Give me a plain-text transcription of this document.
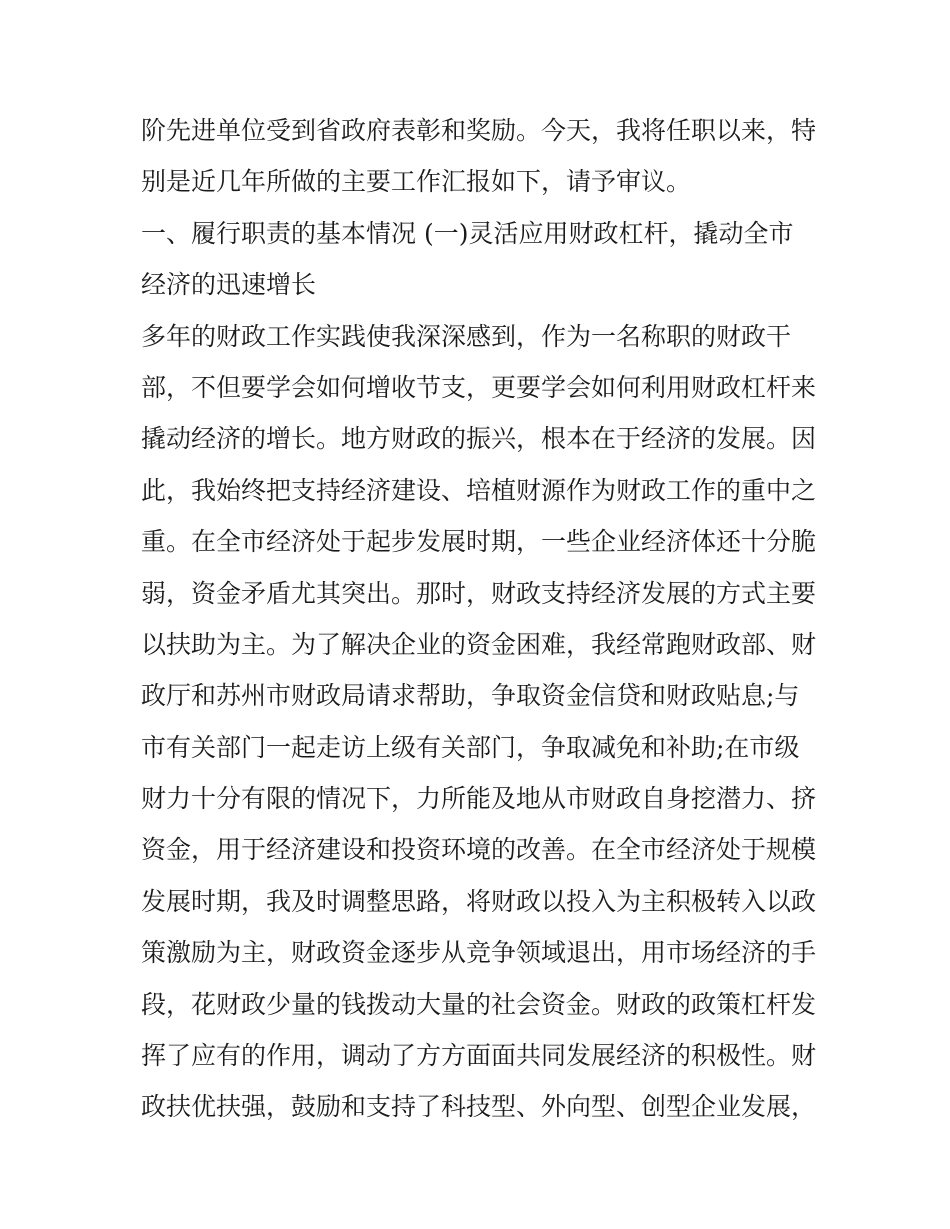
阶先进单位受到省政府表彰和奖励。今天，我将任职以来，特
别是近几年所做的主要工作汇报如下，请予审议。
一、履行职责的基本情况 (一)灵活应用财政杠杆，撬动全市
经济的迅速增长
多年的财政工作实践使我深深感到，作为一名称职的财政干
部，不但要学会如何增收节支，更要学会如何利用财政杠杆来
撬动经济的增长。地方财政的振兴，根本在于经济的发展。因
此，我始终把支持经济建设、培植财源作为财政工作的重中之
重。在全市经济处于起步发展时期，一些企业经济体还十分脆
弱，资金矛盾尤其突出。那时，财政支持经济发展的方式主要
以扶助为主。为了解决企业的资金困难，我经常跑财政部、财
政厅和苏州市财政局请求帮助，争取资金信贷和财政贴息;与
市有关部门一起走访上级有关部门，争取减免和补助;在市级
财力十分有限的情况下，力所能及地从市财政自身挖潜力、挤
资金，用于经济建设和投资环境的改善。在全市经济处于规模
发展时期，我及时调整思路，将财政以投入为主积极转入以政
策激励为主，财政资金逐步从竞争领域退出，用市场经济的手
段，花财政少量的钱拨动大量的社会资金。财政的政策杠杆发
挥了应有的作用，调动了方方面面共同发展经济的积极性。财
政扶优扶强，鼓励和支持了科技型、外向型、创型企业发展，
